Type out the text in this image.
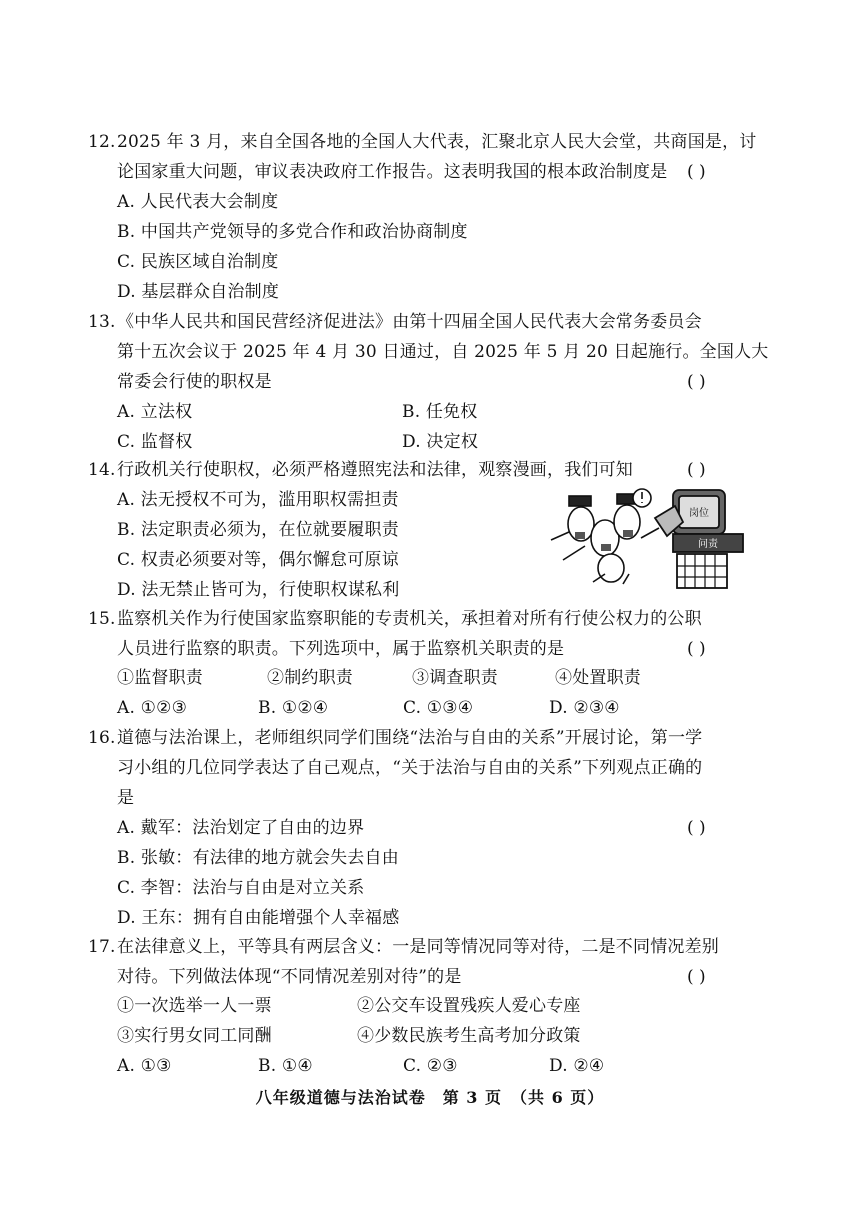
12. 2025 年 3 月，来自全国各地的全国人大代表，汇聚北京人民大会堂，共商国是，讨
论国家重大问题，审议表决政府工作报告。这表明我国的根本政治制度是 ( )
A. 人民代表大会制度
B. 中国共产党领导的多党合作和政治协商制度
C. 民族区域自治制度
D. 基层群众自治制度
13. 《中华人民共和国民营经济促进法》由第十四届全国人民代表大会常务委员会
第十五次会议于 2025 年 4 月 30 日通过，自 2025 年 5 月 20 日起施行。全国人大
常委会行使的职权是	( )
A. 立法权	B. 任免权
C. 监督权	D. 决定权
14. 行政机关行使职权，必须严格遵照宪法和法律，观察漫画，我们可知	( )
A. 法无授权不可为，滥用职权需担责
B. 法定职责必须为，在位就要履职责
C. 权责必须要对等，偶尔懈怠可原谅
D. 法无禁止皆可为，行使职权谋私利
岗位
问责
15. 监察机关作为行使国家监察职能的专责机关，承担着对所有行使公权力的公职
人员进行监察的职责。下列选项中，属于监察机关职责的是	( )
①监督职责	②制约职责	③调查职责	④处置职责
A. ①②③	B. ①②④	C. ①③④	D. ②③④
16. 道德与法治课上，老师组织同学们围绕“法治与自由的关系”开展讨论，第一学
习小组的几位同学表达了自己观点，“关于法治与自由的关系”下列观点正确的
是
( )
A. 戴军：法治划定了自由的边界
B. 张敏：有法律的地方就会失去自由
C. 李智：法治与自由是对立关系
D. 王东：拥有自由能增强个人幸福感
17. 在法律意义上，平等具有两层含义：一是同等情况同等对待，二是不同情况差别
对待。下列做法体现“不同情况差别对待”的是	( )
①一次选举一人一票	②公交车设置残疾人爱心专座
③实行男女同工同酬	④少数民族考生高考加分政策
A. ①③	B. ①④	C. ②③	D. ②④
八年级道德与法治试卷　第 3 页　（共 6 页）
